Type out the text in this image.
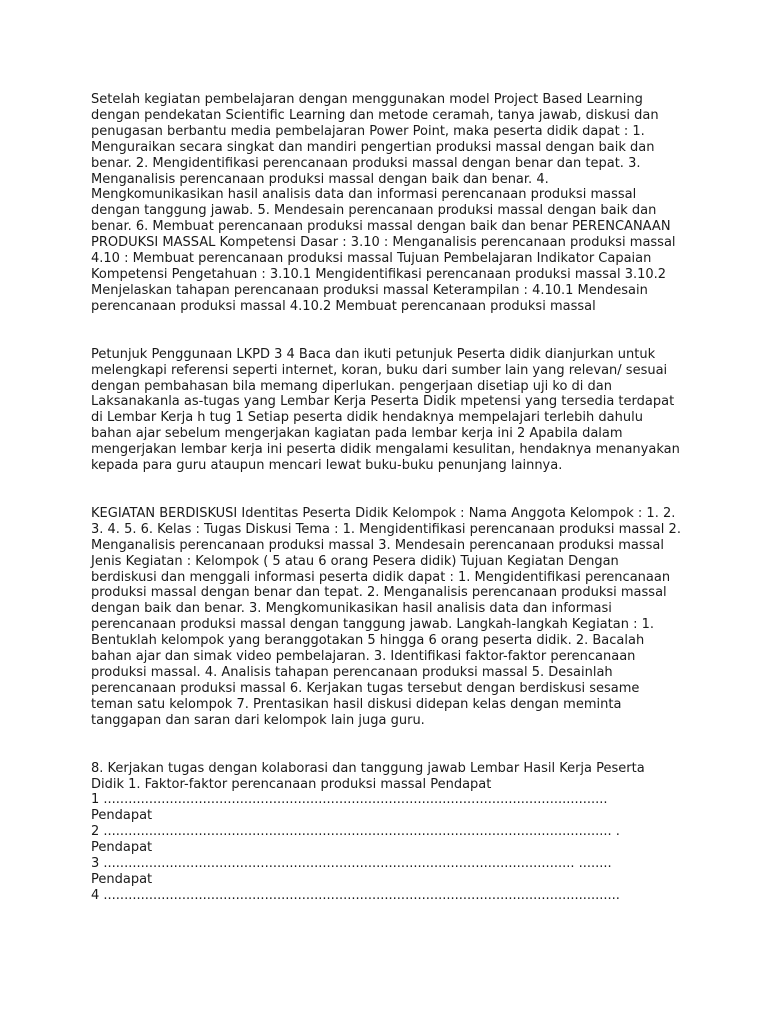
Setelah kegiatan pembelajaran dengan menggunakan model Project Based Learning dengan pendekatan Scientific Learning dan metode ceramah, tanya jawab, diskusi dan penugasan berbantu media pembelajaran Power Point, maka peserta didik dapat : 1. Menguraikan secara singkat dan mandiri pengertian produksi massal dengan baik dan benar. 2. Mengidentifikasi perencanaan produksi massal dengan benar dan tepat. 3. Menganalisis perencanaan produksi massal dengan baik dan benar. 4. Mengkomunikasikan hasil analisis data dan informasi perencanaan produksi massal dengan tanggung jawab. 5. Mendesain perencanaan produksi massal dengan baik dan benar. 6. Membuat perencanaan produksi massal dengan baik dan benar PERENCANAAN PRODUKSI MASSAL Kompetensi Dasar : 3.10 : Menganalisis perencanaan produksi massal 4.10 : Membuat perencanaan produksi massal Tujuan Pembelajaran Indikator Capaian Kompetensi Pengetahuan : 3.10.1 Mengidentifikasi perencanaan produksi massal 3.10.2 Menjelaskan tahapan perencanaan produksi massal Keterampilan : 4.10.1 Mendesain perencanaan produksi massal 4.10.2 Membuat perencanaan produksi massal

Petunjuk Penggunaan LKPD 3 4 Baca dan ikuti petunjuk Peserta didik dianjurkan untuk melengkapi referensi seperti internet, koran, buku dari sumber lain yang relevan/ sesuai dengan pembahasan bila memang diperlukan. pengerjaan disetiap uji ko di dan Laksanakanla as-tugas yang Lembar Kerja Peserta Didik mpetensi yang tersedia terdapat di Lembar Kerja h tug 1 Setiap peserta didik hendaknya mempelajari terlebih dahulu bahan ajar sebelum mengerjakan kagiatan pada lembar kerja ini 2 Apabila dalam mengerjakan lembar kerja ini peserta didik mengalami kesulitan, hendaknya menanyakan kepada para guru ataupun mencari lewat buku-buku penunjang lainnya.

KEGIATAN BERDISKUSI Identitas Peserta Didik Kelompok : Nama Anggota Kelompok : 1. 2. 3. 4. 5. 6. Kelas : Tugas Diskusi Tema : 1. Mengidentifikasi perencanaan produksi massal 2. Menganalisis perencanaan produksi massal 3. Mendesain perencanaan produksi massal Jenis Kegiatan : Kelompok ( 5 atau 6 orang Pesera didik) Tujuan Kegiatan Dengan berdiskusi dan menggali informasi peserta didik dapat : 1. Mengidentifikasi perencanaan produksi massal dengan benar dan tepat. 2. Menganalisis perencanaan produksi massal dengan baik dan benar. 3. Mengkomunikasikan hasil analisis data dan informasi perencanaan produksi massal dengan tanggung jawab. Langkah-langkah Kegiatan : 1. Bentuklah kelompok yang beranggotakan 5 hingga 6 orang peserta didik. 2. Bacalah bahan ajar dan simak video pembelajaran. 3. Identifikasi faktor-faktor perencanaan produksi massal. 4. Analisis tahapan perencanaan produksi massal 5. Desainlah perencanaan produksi massal 6. Kerjakan tugas tersebut dengan berdiskusi sesame teman satu kelompok 7. Prentasikan hasil diskusi didepan kelas dengan meminta tanggapan dan saran dari kelompok lain juga guru.

8. Kerjakan tugas dengan kolaborasi dan tanggung jawab Lembar Hasil Kerja Peserta Didik 1. Faktor-faktor perencanaan produksi massal Pendapat
1 ..........................................................................................................................
Pendapat
2 ........................................................................................................................... .
Pendapat
3 .................................................................................................................. ........
Pendapat
4 .............................................................................................................................
